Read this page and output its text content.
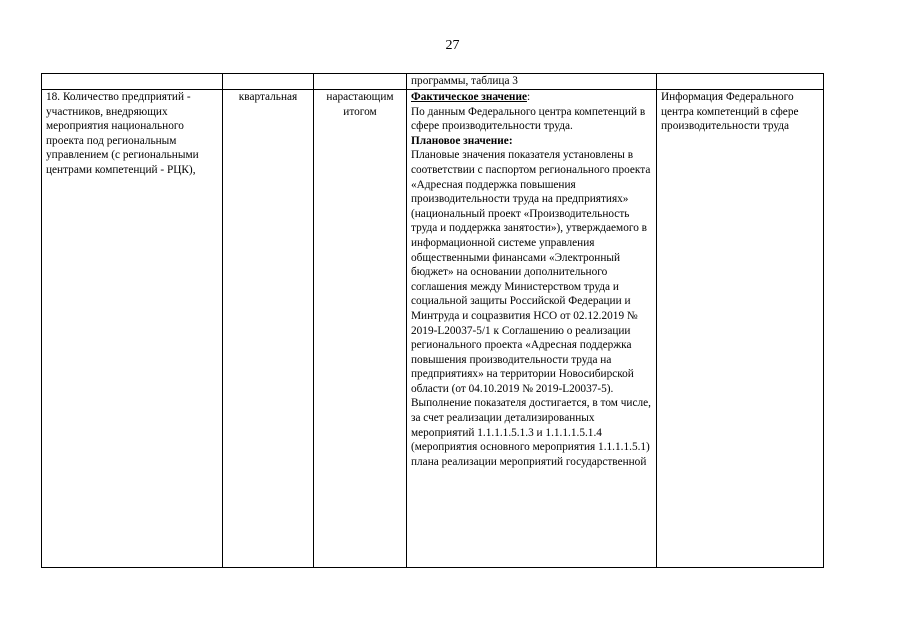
27
			программы, таблица 3	
18. Количество предприятий - участников, внедряющих мероприятия национального проекта под региональным управлением (с региональными центрами компетенций - РЦК),	квартальная	нарастающим итогом	Фактическое значение:
По данным Федерального центра компетенций в сфере производительности труда.
Плановое значение:
Плановые значения показателя установлены в соответствии с паспортом регионального проекта «Адресная поддержка повышения производительности труда на предприятиях» (национальный проект «Производительность труда и поддержка занятости»), утверждаемого в информационной системе управления общественными финансами «Электронный бюджет» на основании дополнительного соглашения между Министерством труда и социальной защиты Российской Федерации и Минтруда и соцразвития НСО от 02.12.2019 № 2019-L20037-5/1 к Соглашению о реализации регионального проекта «Адресная поддержка повышения производительности труда на предприятиях» на территории Новосибирской области (от 04.10.2019 № 2019-L20037-5).
Выполнение показателя достигается, в том числе, за счет реализации детализированных мероприятий 1.1.1.1.5.1.3 и 1.1.1.1.5.1.4 (мероприятия основного мероприятия 1.1.1.1.5.1) плана реализации мероприятий государственной	Информация Федерального центра компетенций в сфере производительности труда
